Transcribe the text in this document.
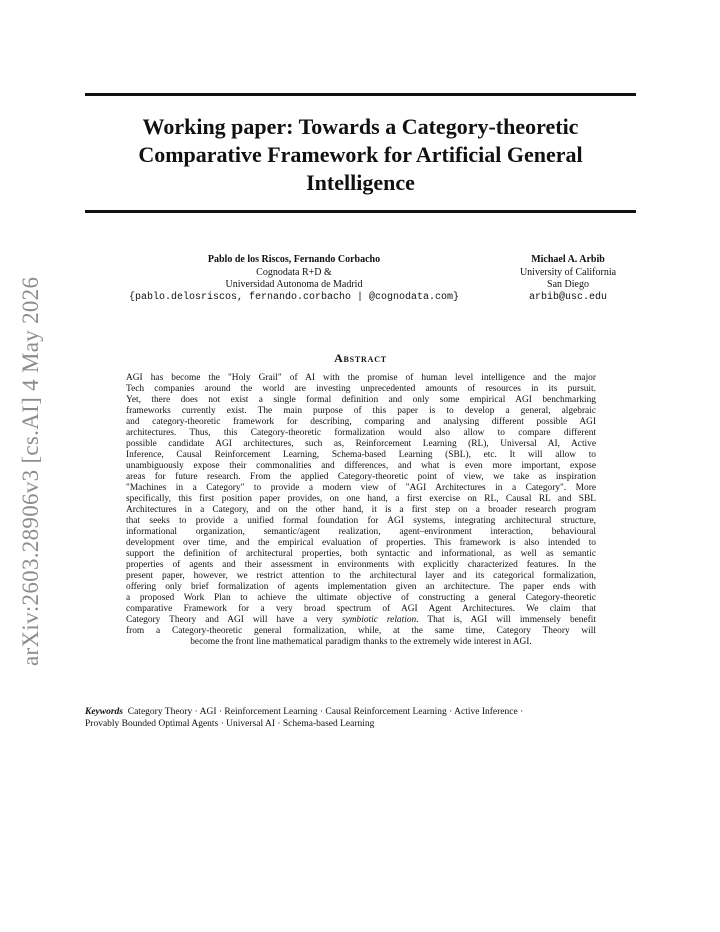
arXiv:2603.28906v3 [cs.AI] 4 May 2026
Working paper: Towards a Category-theoretic
Comparative Framework for Artificial General
Intelligence
Pablo de los Riscos, Fernando Corbacho
Cognodata R+D &
Universidad Autonoma de Madrid
{pablo.delosriscos, fernando.corbacho | @cognodata.com}
Michael A. Arbib
University of California
San Diego
arbib@usc.edu
Abstract
AGI has become the "Holy Grail" of AI with the promise of human level intelligence and the major
Tech companies around the world are investing unprecedented amounts of resources in its pursuit.
Yet, there does not exist a single formal definition and only some empirical AGI benchmarking
frameworks currently exist. The main purpose of this paper is to develop a general, algebraic
and category-theoretic framework for describing, comparing and analysing different possible AGI
architectures. Thus, this Category-theoretic formalization would also allow to compare different
possible candidate AGI architectures, such as, Reinforcement Learning (RL), Universal AI, Active
Inference, Causal Reinforcement Learning, Schema-based Learning (SBL), etc. It will allow to
unambiguously expose their commonalities and differences, and what is even more important, expose
areas for future research. From the applied Category-theoretic point of view, we take as inspiration
"Machines in a Category" to provide a modern view of "AGI Architectures in a Category". More
specifically, this first position paper provides, on one hand, a first exercise on RL, Causal RL and SBL
Architectures in a Category, and on the other hand, it is a first step on a broader research program
that seeks to provide a unified formal foundation for AGI systems, integrating architectural structure,
informational organization, semantic/agent realization, agent–environment interaction, behavioural
development over time, and the empirical evaluation of properties. This framework is also intended to
support the definition of architectural properties, both syntactic and informational, as well as semantic
properties of agents and their assessment in environments with explicitly characterized features. In the
present paper, however, we restrict attention to the architectural layer and its categorical formalization,
offering only brief formalization of agents implementation given an architecture. The paper ends with
a proposed Work Plan to achieve the ultimate objective of constructing a general Category-theoretic
comparative Framework for a very broad spectrum of AGI Agent Architectures. We claim that
Category Theory and AGI will have a very symbiotic relation. That is, AGI will immensely benefit
from a Category-theoretic general formalization, while, at the same time, Category Theory will
become the front line mathematical paradigm thanks to the extremely wide interest in AGI.

Keywords Category Theory · AGI · Reinforcement Learning · Causal Reinforcement Learning · Active Inference ·
Provably Bounded Optimal Agents · Universal AI · Schema-based Learning
